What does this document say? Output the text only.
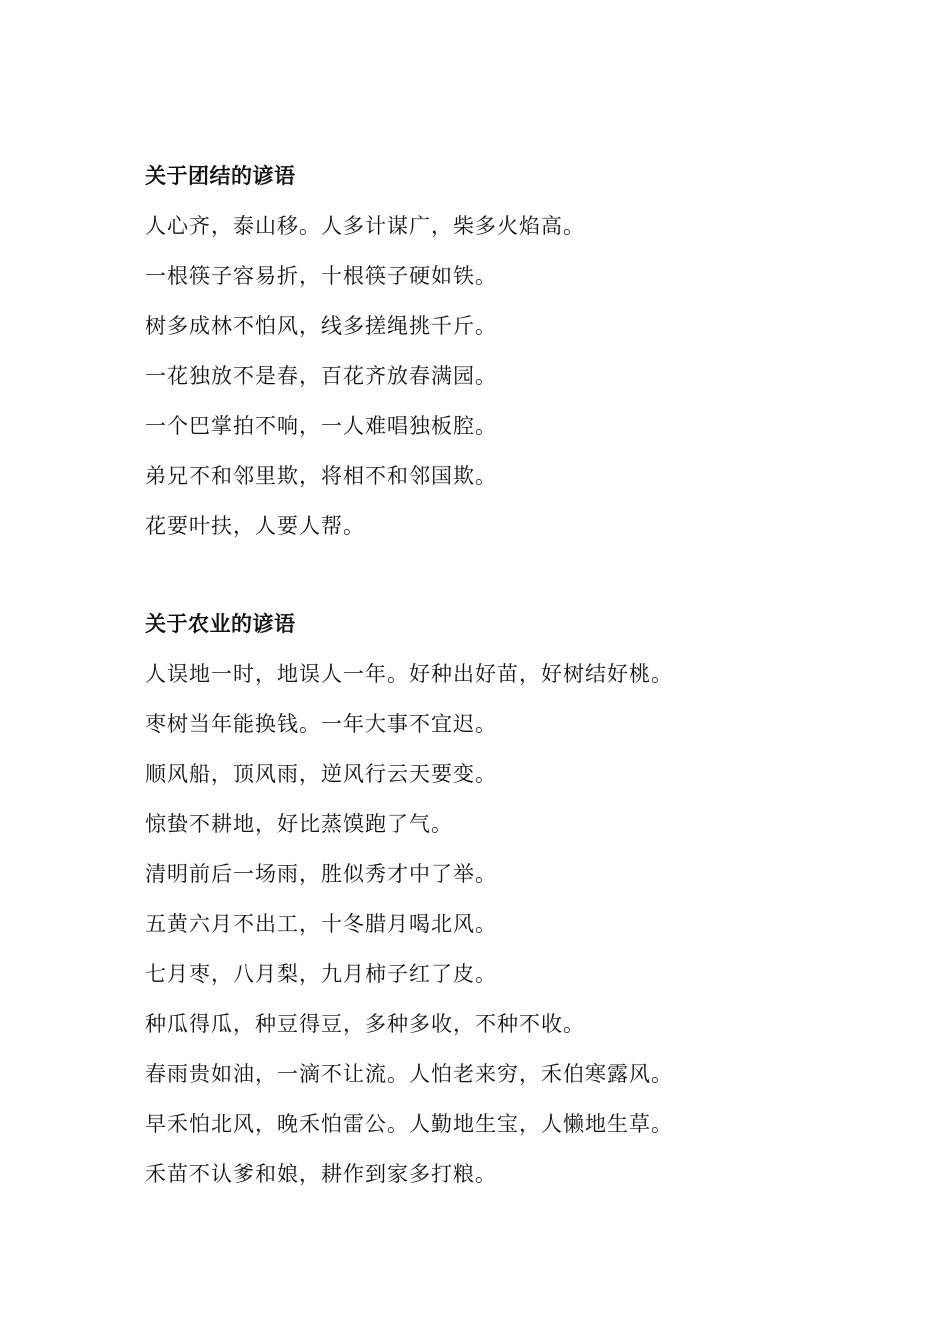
关于团结的谚语
人心齐，泰山移。人多计谋广，柴多火焰高。
一根筷子容易折，十根筷子硬如铁。
树多成林不怕风，线多搓绳挑千斤。
一花独放不是春，百花齐放春满园。
一个巴掌拍不响，一人难唱独板腔。
弟兄不和邻里欺，将相不和邻国欺。
花要叶扶，人要人帮。
关于农业的谚语
人误地一时，地误人一年。好种出好苗，好树结好桃。
枣树当年能换钱。一年大事不宜迟。
顺风船，顶风雨，逆风行云天要变。
惊蛰不耕地，好比蒸馍跑了气。
清明前后一场雨，胜似秀才中了举。
五黄六月不出工，十冬腊月喝北风。
七月枣，八月梨，九月柿子红了皮。
种瓜得瓜，种豆得豆，多种多收，不种不收。
春雨贵如油，一滴不让流。人怕老来穷，禾伯寒露风。
早禾怕北风，晚禾怕雷公。人勤地生宝，人懒地生草。
禾苗不认爹和娘，耕作到家多打粮。
